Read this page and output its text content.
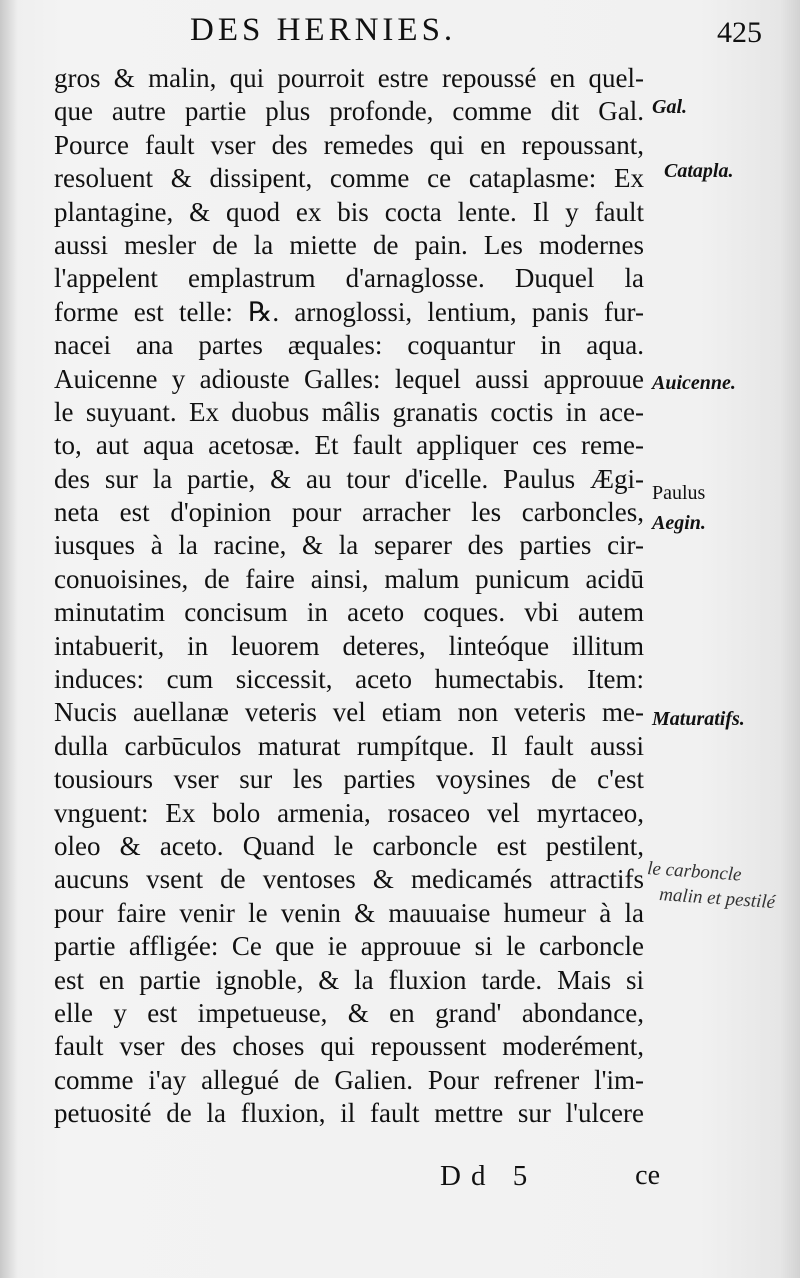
DES HERNIES.	425
gros & malin, qui pourroit estre repoussé en quel-
que autre partie plus profonde, comme dit Gal.
Pource fault vser des remedes qui en repoussant,
resoluent & dissipent, comme ce cataplasme: Ex
plantagine, & quod ex bis cocta lente. Il y fault
aussi mesler de la miette de pain. Les modernes
l'appelent emplastrum d'arnaglosse. Duquel la
forme est telle: ℞. arnoglossi, lentium, panis fur-
nacei ana partes æquales: coquantur in aqua.
Auicenne y adiouste Galles: lequel aussi approuue
le suyuant. Ex duobus mâlis granatis coctis in ace-
to, aut aqua acetosæ. Et fault appliquer ces reme-
des sur la partie, & au tour d'icelle. Paulus Ægi-
neta est d'opinion pour arracher les carboncles,
iusques à la racine, & la separer des parties cir-
conuoisines, de faire ainsi, malum punicum acidū
minutatim concisum in aceto coques. vbi autem
intabuerit, in leuorem deteres, linteóque illitum
induces: cum siccessit, aceto humectabis. Item:
Nucis auellanæ veteris vel etiam non veteris me-
dulla carbūculos maturat rumpítque. Il fault aussi
tousiours vser sur les parties voysines de c'est
vnguent: Ex bolo armenia, rosaceo vel myrtaceo,
oleo & aceto. Quand le carboncle est pestilent,
aucuns vsent de ventoses & medicamés attractifs
pour faire venir le venin & mauuaise humeur à la
partie affligée: Ce que ie approuue si le carboncle
est en partie ignoble, & la fluxion tarde. Mais si
elle y est impetueuse, & en grand' abondance,
fault vser des choses qui repoussent moderément,
comme i'ay allegué de Galien. Pour refrener l'im-
petuosité de la fluxion, il fault mettre sur l'ulcere
Gal.
Catapla.
Auicenne.
Paulus
Aegin.
Maturatifs.
le carboncle
malin et pestilé
Dd 5	ce
